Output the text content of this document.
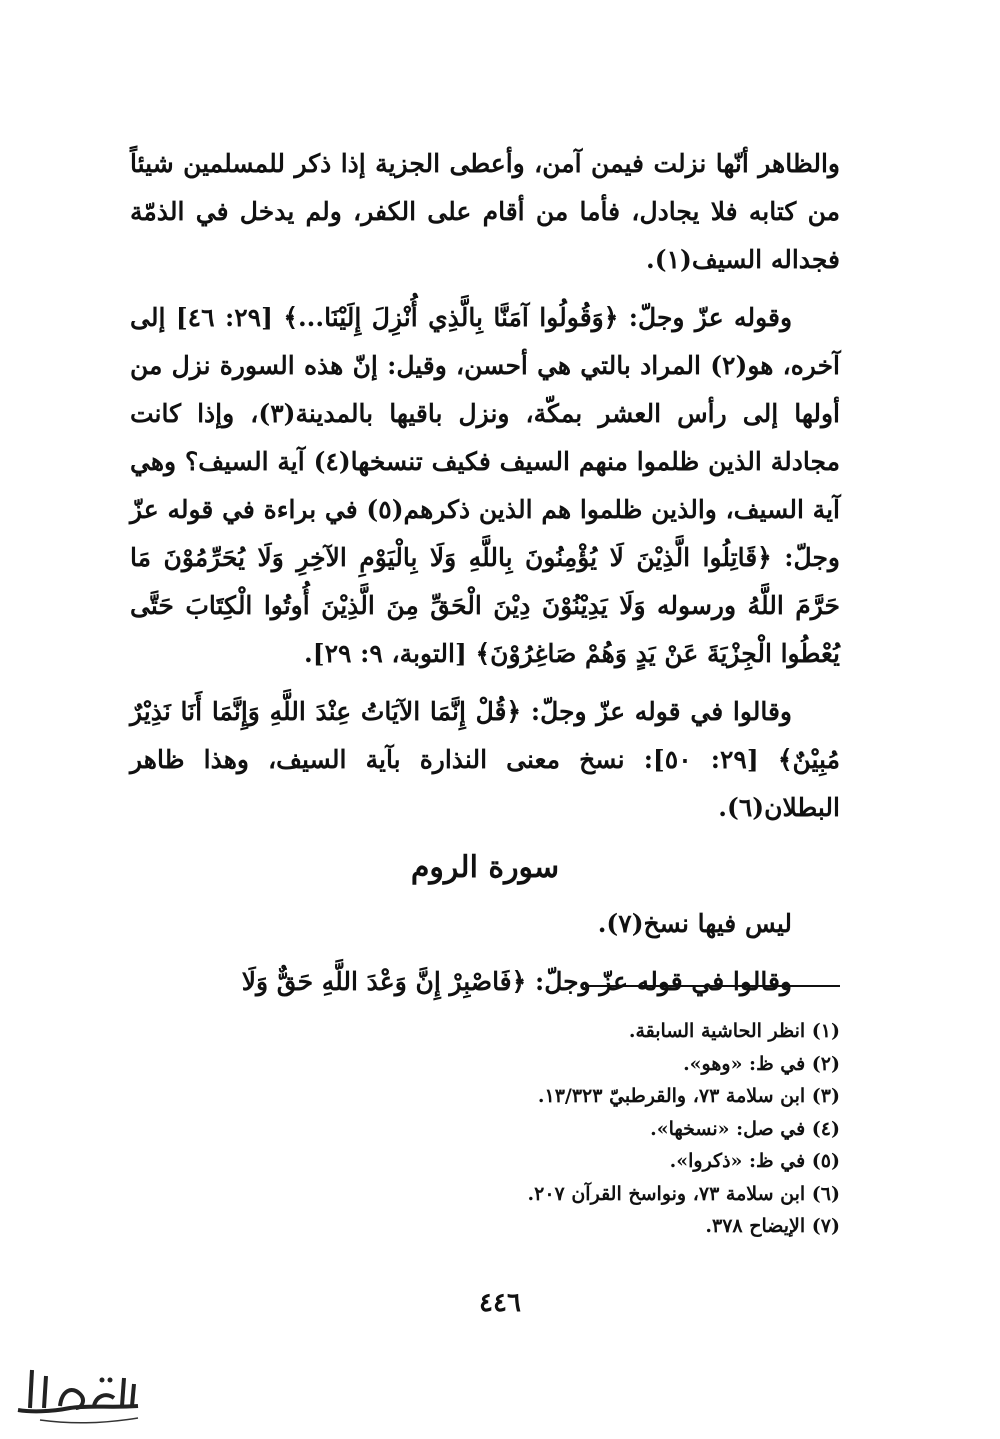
والظاهر أنّها نزلت فيمن آمن، وأعطى الجزية إذا ذكر للمسلمين شيئاً من كتابه فلا يجادل، فأما من أقام على الكفر، ولم يدخل في الذمّة فجداله السيف(١).

وقوله عزّ وجلّ: ﴿وَقُولُوا آمَنَّا بِالَّذِي أُنْزِلَ إِلَيْنَا...﴾ [٢٩: ٤٦] إلى آخره، هو(٢) المراد بالتي هي أحسن، وقيل: إنّ هذه السورة نزل من أولها إلى رأس العشر بمكّة، ونزل باقيها بالمدينة(٣)، وإذا كانت مجادلة الذين ظلموا منهم السيف فكيف تنسخها(٤) آية السيف؟ وهي آية السيف، والذين ظلموا هم الذين ذكرهم(٥) في براءة في قوله عزّ وجلّ: ﴿قَاتِلُوا الَّذِيْنَ لَا يُؤْمِنُونَ بِاللَّهِ وَلَا بِالْيَوْمِ الآخِرِ وَلَا يُحَرِّمُوْنَ مَا حَرَّمَ اللَّهُ ورسوله وَلَا يَدِيْنُوْنَ دِيْنَ الْحَقِّ مِنَ الَّذِيْنَ أُوتُوا الْكِتَابَ حَتَّى يُعْطُوا الْجِزْيَةَ عَنْ يَدٍ وَهُمْ صَاغِرُوْنَ﴾ [التوبة، ٩: ٢٩].

وقالوا في قوله عزّ وجلّ: ﴿قُلْ إِنَّمَا الآيَاتُ عِنْدَ اللَّهِ وَإِنَّمَا أَنَا نَذِيْرٌ مُبِيْنٌ﴾ [٢٩: ٥٠]: نسخ معنى النذارة بآية السيف، وهذا ظاهر البطلان(٦).

سورة الروم

ليس فيها نسخ(٧).

وقالوا في قوله عزّ وجلّ: ﴿فَاصْبِرْ إِنَّ وَعْدَ اللَّهِ حَقٌّ وَلَا

(١) انظر الحاشية السابقة.
(٢) في ظ: «وهو».
(٣) ابن سلامة ٧٣، والقرطبيّ ١٣/٣٢٣.
(٤) في صل: «نسخها».
(٥) في ظ: «ذكروا».
(٦) ابن سلامة ٧٣، ونواسخ القرآن ٢٠٧.
(٧) الإيضاح ٣٧٨.
٤٤٦
